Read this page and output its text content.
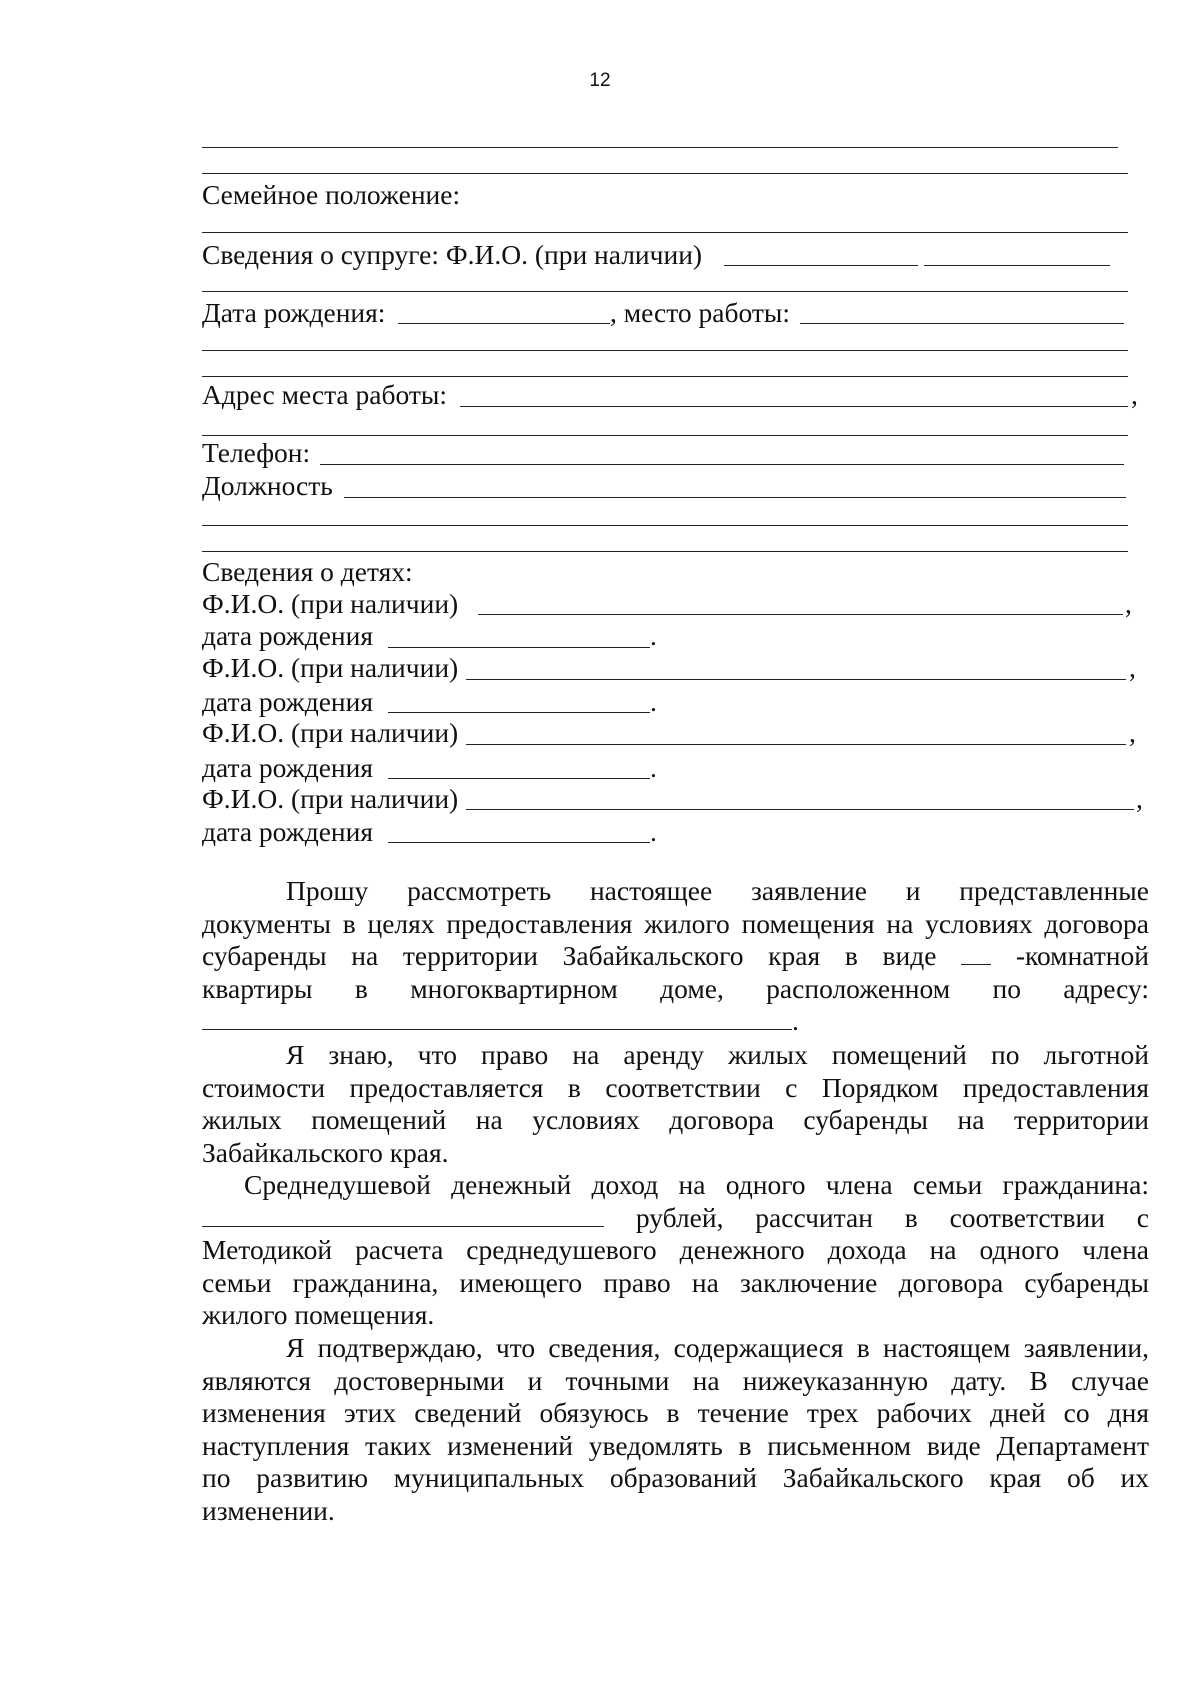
12
Семейное положение:
Сведения о супруге: Ф.И.О. (при наличии)
Дата рождения:	, место работы:
Адрес места работы:	,
Телефон:
Должность
Сведения о детях:
Ф.И.О. (при наличии)	,
дата рождения	.
Ф.И.О. (при наличии)	,
дата рождения	.
Ф.И.О. (при наличии)	,
дата рождения	.
Ф.И.О. (при наличии)	,
дата рождения	.
Прошу рассмотреть настоящее заявление и представленные
документы в целях предоставления жилого помещения на условиях договора
субаренды на территории Забайкальского края в виде	-комнатной
квартиры в многоквартирном доме, расположенном по адресу:
.
Я знаю, что право на аренду жилых помещений по льготной
стоимости предоставляется в соответствии с Порядком предоставления
жилых помещений на условиях договора субаренды на территории
Забайкальского края.
Среднедушевой денежный доход на одного члена семьи гражданина:
рублей, рассчитан в соответствии с
Методикой расчета среднедушевого денежного дохода на одного члена
семьи гражданина, имеющего право на заключение договора субаренды
жилого помещения.
Я подтверждаю, что сведения, содержащиеся в настоящем заявлении,
являются достоверными и точными на нижеуказанную дату. В случае
изменения этих сведений обязуюсь в течение трех рабочих дней со дня
наступления таких изменений уведомлять в письменном виде Департамент
по развитию муниципальных образований Забайкальского края об их
изменении.
